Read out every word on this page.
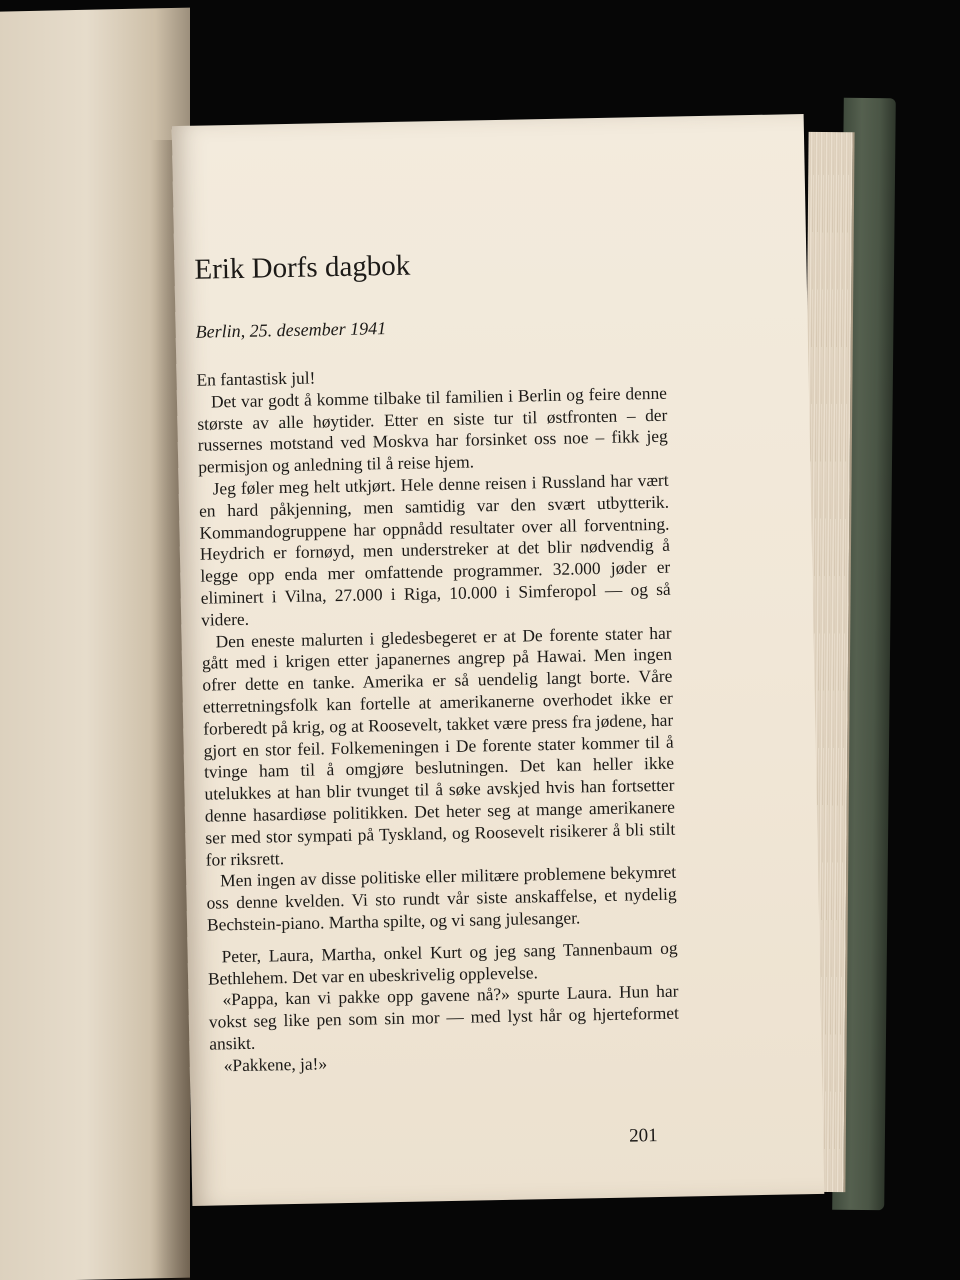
Erik Dorfs dagbok

Berlin, 25. desember 1941

En fantastisk jul!

Det var godt å komme tilbake til familien i Berlin og feire denne største av alle høytider. Etter en siste tur til østfronten – der russernes motstand ved Moskva har forsinket oss noe – fikk jeg permisjon og anledning til å reise hjem.

Jeg føler meg helt utkjørt. Hele denne reisen i Russland har vært en hard påkjenning, men samtidig var den svært utbytterik. Kommandogruppene har oppnådd resultater over all forventning. Heydrich er fornøyd, men understreker at det blir nødvendig å legge opp enda mer omfattende programmer. 32.000 jøder er eliminert i Vilna, 27.000 i Riga, 10.000 i Simferopol — og så videre.

Den eneste malurten i gledesbegeret er at De forente stater har gått med i krigen etter japanernes angrep på Hawai. Men ingen ofrer dette en tanke. Amerika er så uendelig langt borte. Våre etterretningsfolk kan fortelle at amerikanerne overhodet ikke er forberedt på krig, og at Roosevelt, takket være press fra jødene, har gjort en stor feil. Folkemeningen i De forente stater kommer til å tvinge ham til å omgjøre beslutningen. Det kan heller ikke utelukkes at han blir tvunget til å søke avskjed hvis han fortsetter denne hasardiøse politikken. Det heter seg at mange amerikanere ser med stor sympati på Tyskland, og Roosevelt risikerer å bli stilt for riksrett.

Men ingen av disse politiske eller militære problemene bekymret oss denne kvelden. Vi sto rundt vår siste anskaffelse, et nydelig Bechstein-piano. Martha spilte, og vi sang julesanger.

Peter, Laura, Martha, onkel Kurt og jeg sang Tannenbaum og Bethlehem. Det var en ubeskrivelig opplevelse.

«Pappa, kan vi pakke opp gavene nå?» spurte Laura. Hun har vokst seg like pen som sin mor — med lyst hår og hjerteformet ansikt.

«Pakkene, ja!»

201
